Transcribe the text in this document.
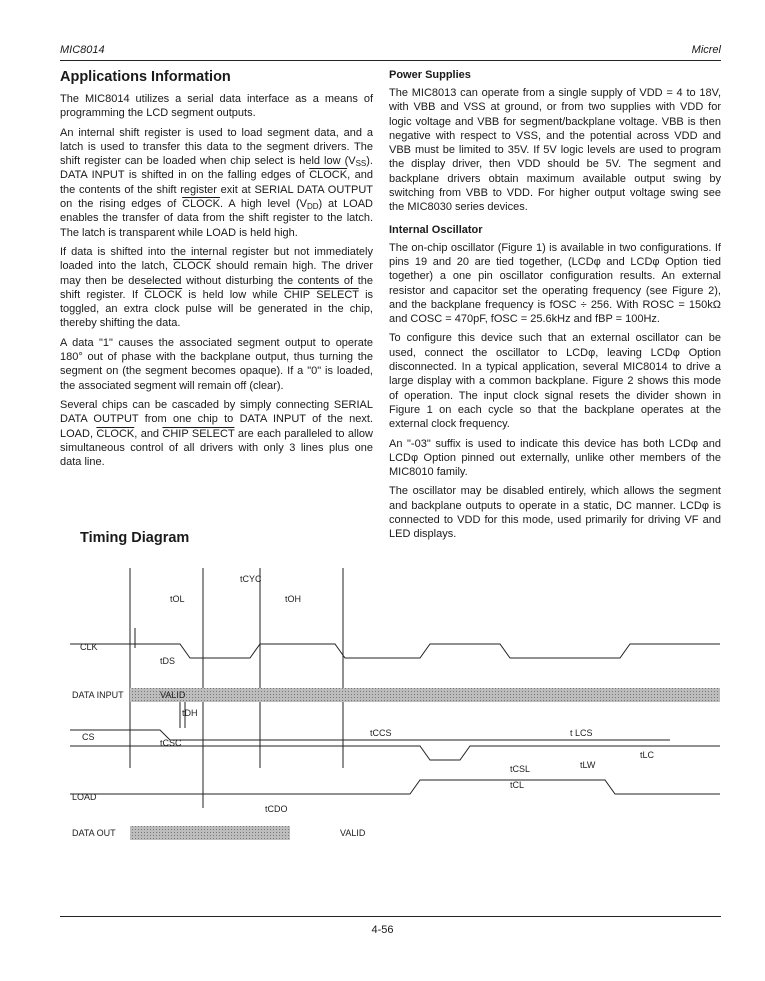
MIC8014	Micrel
Applications Information

The MIC8014 utilizes a serial data interface as a means of programming the LCD segment outputs.

An internal shift register is used to load segment data, and a latch is used to transfer this data to the segment drivers. The shift register can be loaded when chip select is held low $(V_{SS})$. DATA INPUT is shifted in on the falling edges of CLOCK, and the contents of the shift register exit at SERIAL DATA OUTPUT on the rising edges of CLOCK. A high level $(V_{DD})$ at LOAD enables the transfer of data from the shift register to the latch. The latch is transparent while LOAD is held high.

If data is shifted into the internal register but not immediately loaded into the latch, CLOCK should remain high. The driver may then be deselected without disturbing the contents of the shift register. If CLOCK is held low while CHIP SELECT is toggled, an extra clock pulse will be generated in the chip, thereby shifting the data.

A data "1" causes the associated segment output to operate 180° out of phase with the backplane output, thus turning the segment on (the segment becomes opaque). If a "0" is loaded, the associated segment will remain off (clear).

Several chips can be cascaded by simply connecting SERIAL DATA OUTPUT from one chip to DATA INPUT of the next. LOAD, CLOCK, and CHIP SELECT are each paralleled to allow simultaneous control of all drivers with only 3 lines plus one data line.

Power Supplies

The MIC8013 can operate from a single supply of VDD = 4 to 18V, with VBB and VSS at ground, or from two supplies with VDD for logic voltage and VBB for segment/backplane voltage. VBB is then negative with respect to VSS, and the potential across VDD and VBB must be limited to 35V. If 5V logic levels are used to program the display driver, then VDD should be 5V. The segment and backplane drivers obtain maximum available output swing by switching from VBB to VDD. For higher output voltage swing see the MIC8030 series devices.

Internal Oscillator

The on-chip oscillator (Figure 1) is available in two configurations. If pins 19 and 20 are tied together, (LCDφ and LCDφ Option tied together) a one pin oscillator configuration results. An external resistor and capacitor set the operating frequency (see Figure 2), and the backplane frequency is fOSC ÷ 256. With ROSC = 150kΩ and COSC = 470pF, fOSC = 25.6kHz and fBP = 100Hz.

To configure this device such that an external oscillator can be used, connect the oscillator to LCDφ, leaving LCDφ Option disconnected. In a typical application, several MIC8014 to drive a large display with a common backplane. Figure 2 shows this mode of operation. The input clock signal resets the divider shown in Figure 1 on each cycle so that the backplane operates at the external clock frequency.

An "-03" suffix is used to indicate this device has both LCDφ and LCDφ Option pinned out externally, unlike other members of the MIC8010 family.

The oscillator may be disabled entirely, which allows the segment and backplane outputs to operate in a static, DC manner. LCDφ is connected to VDD for this mode, used primarily for driving VF and LED displays.

Timing Diagram
CLK
DATA INPUT
CS
LOAD
DATA OUT
tCYC
tOL	tOH
tDS
VALID
tDH
tCSC
tCCS	t LCS
tLC
tCSL	tLW
tCL
tCDO
VALID
4-56
